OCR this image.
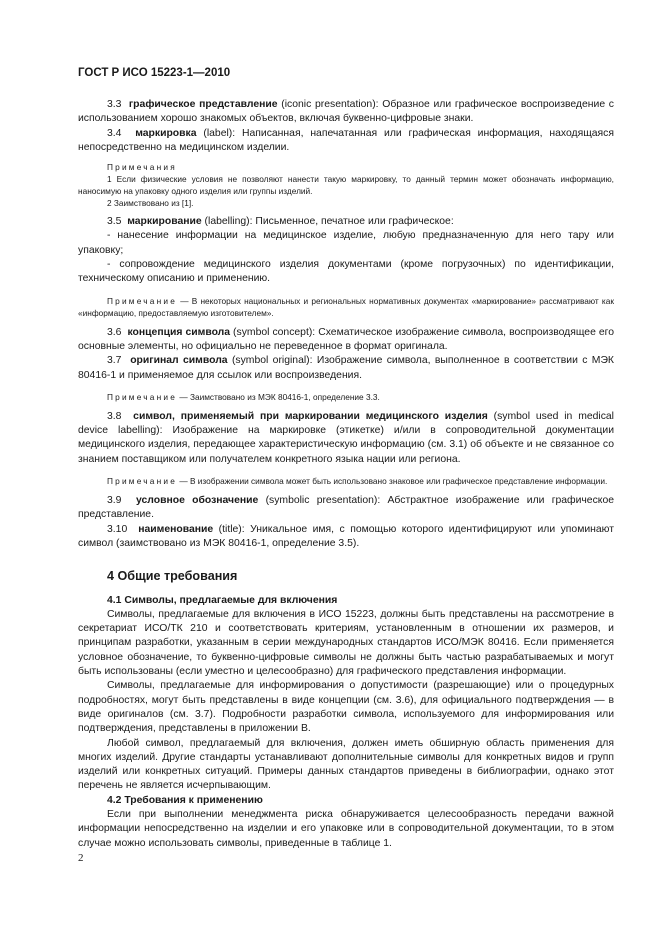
ГОСТ Р ИСО 15223-1—2010

3.3 графическое представление (iconic presentation): Образное или графическое воспроизведение с использованием хорошо знакомых объектов, включая буквенно-цифровые знаки.

3.4 маркировка (label): Написанная, напечатанная или графическая информация, находящаяся непосредственно на медицинском изделии.

Примечания

1 Если физические условия не позволяют нанести такую маркировку, то данный термин может обозначать информацию, наносимую на упаковку одного изделия или группы изделий.

2 Заимствовано из [1].

3.5 маркирование (labelling): Письменное, печатное или графическое:

- нанесение информации на медицинское изделие, любую предназначенную для него тару или упаковку;

- сопровождение медицинского изделия документами (кроме погрузочных) по идентификации, техническому описанию и применению.

Примечание — В некоторых национальных и региональных нормативных документах «маркирование» рассматривают как «информацию, предоставляемую изготовителем».

3.6 концепция символа (symbol concept): Схематическое изображение символа, воспроизводящее его основные элементы, но официально не переведенное в формат оригинала.

3.7 оригинал символа (symbol original): Изображение символа, выполненное в соответствии с МЭК 80416-1 и применяемое для ссылок или воспроизведения.

Примечание — Заимствовано из МЭК 80416-1, определение 3.3.

3.8 символ, применяемый при маркировании медицинского изделия (symbol used in medical device labelling): Изображение на маркировке (этикетке) и/или в сопроводительной документации медицинского изделия, передающее характеристическую информацию (см. 3.1) об объекте и не связанное со знанием поставщиком или получателем конкретного языка нации или региона.

Примечание — В изображении символа может быть использовано знаковое или графическое представление информации.

3.9 условное обозначение (symbolic presentation): Абстрактное изображение или графическое представление.

3.10 наименование (title): Уникальное имя, с помощью которого идентифицируют или упоминают символ (заимствовано из МЭК 80416-1, определение 3.5).

4 Общие требования

4.1 Символы, предлагаемые для включения

Символы, предлагаемые для включения в ИСО 15223, должны быть представлены на рассмотрение в секретариат ИСО/ТК 210 и соответствовать критериям, установленным в отношении их размеров, и принципам разработки, указанным в серии международных стандартов ИСО/МЭК 80416. Если применяется условное обозначение, то буквенно-цифровые символы не должны быть частью разрабатываемых и могут быть использованы (если уместно и целесообразно) для графического представления информации.

Символы, предлагаемые для информирования о допустимости (разрешающие) или о процедурных подробностях, могут быть представлены в виде концепции (см. 3.6), для официального подтверждения — в виде оригиналов (см. 3.7). Подробности разработки символа, используемого для информирования или подтверждения, представлены в приложении В.

Любой символ, предлагаемый для включения, должен иметь обширную область применения для многих изделий. Другие стандарты устанавливают дополнительные символы для конкретных видов и групп изделий или конкретных ситуаций. Примеры данных стандартов приведены в библиографии, однако этот перечень не является исчерпывающим.

4.2 Требования к применению

Если при выполнении менеджмента риска обнаруживается целесообразность передачи важной информации непосредственно на изделии и его упаковке или в сопроводительной документации, то в этом случае можно использовать символы, приведенные в таблице 1.

2
